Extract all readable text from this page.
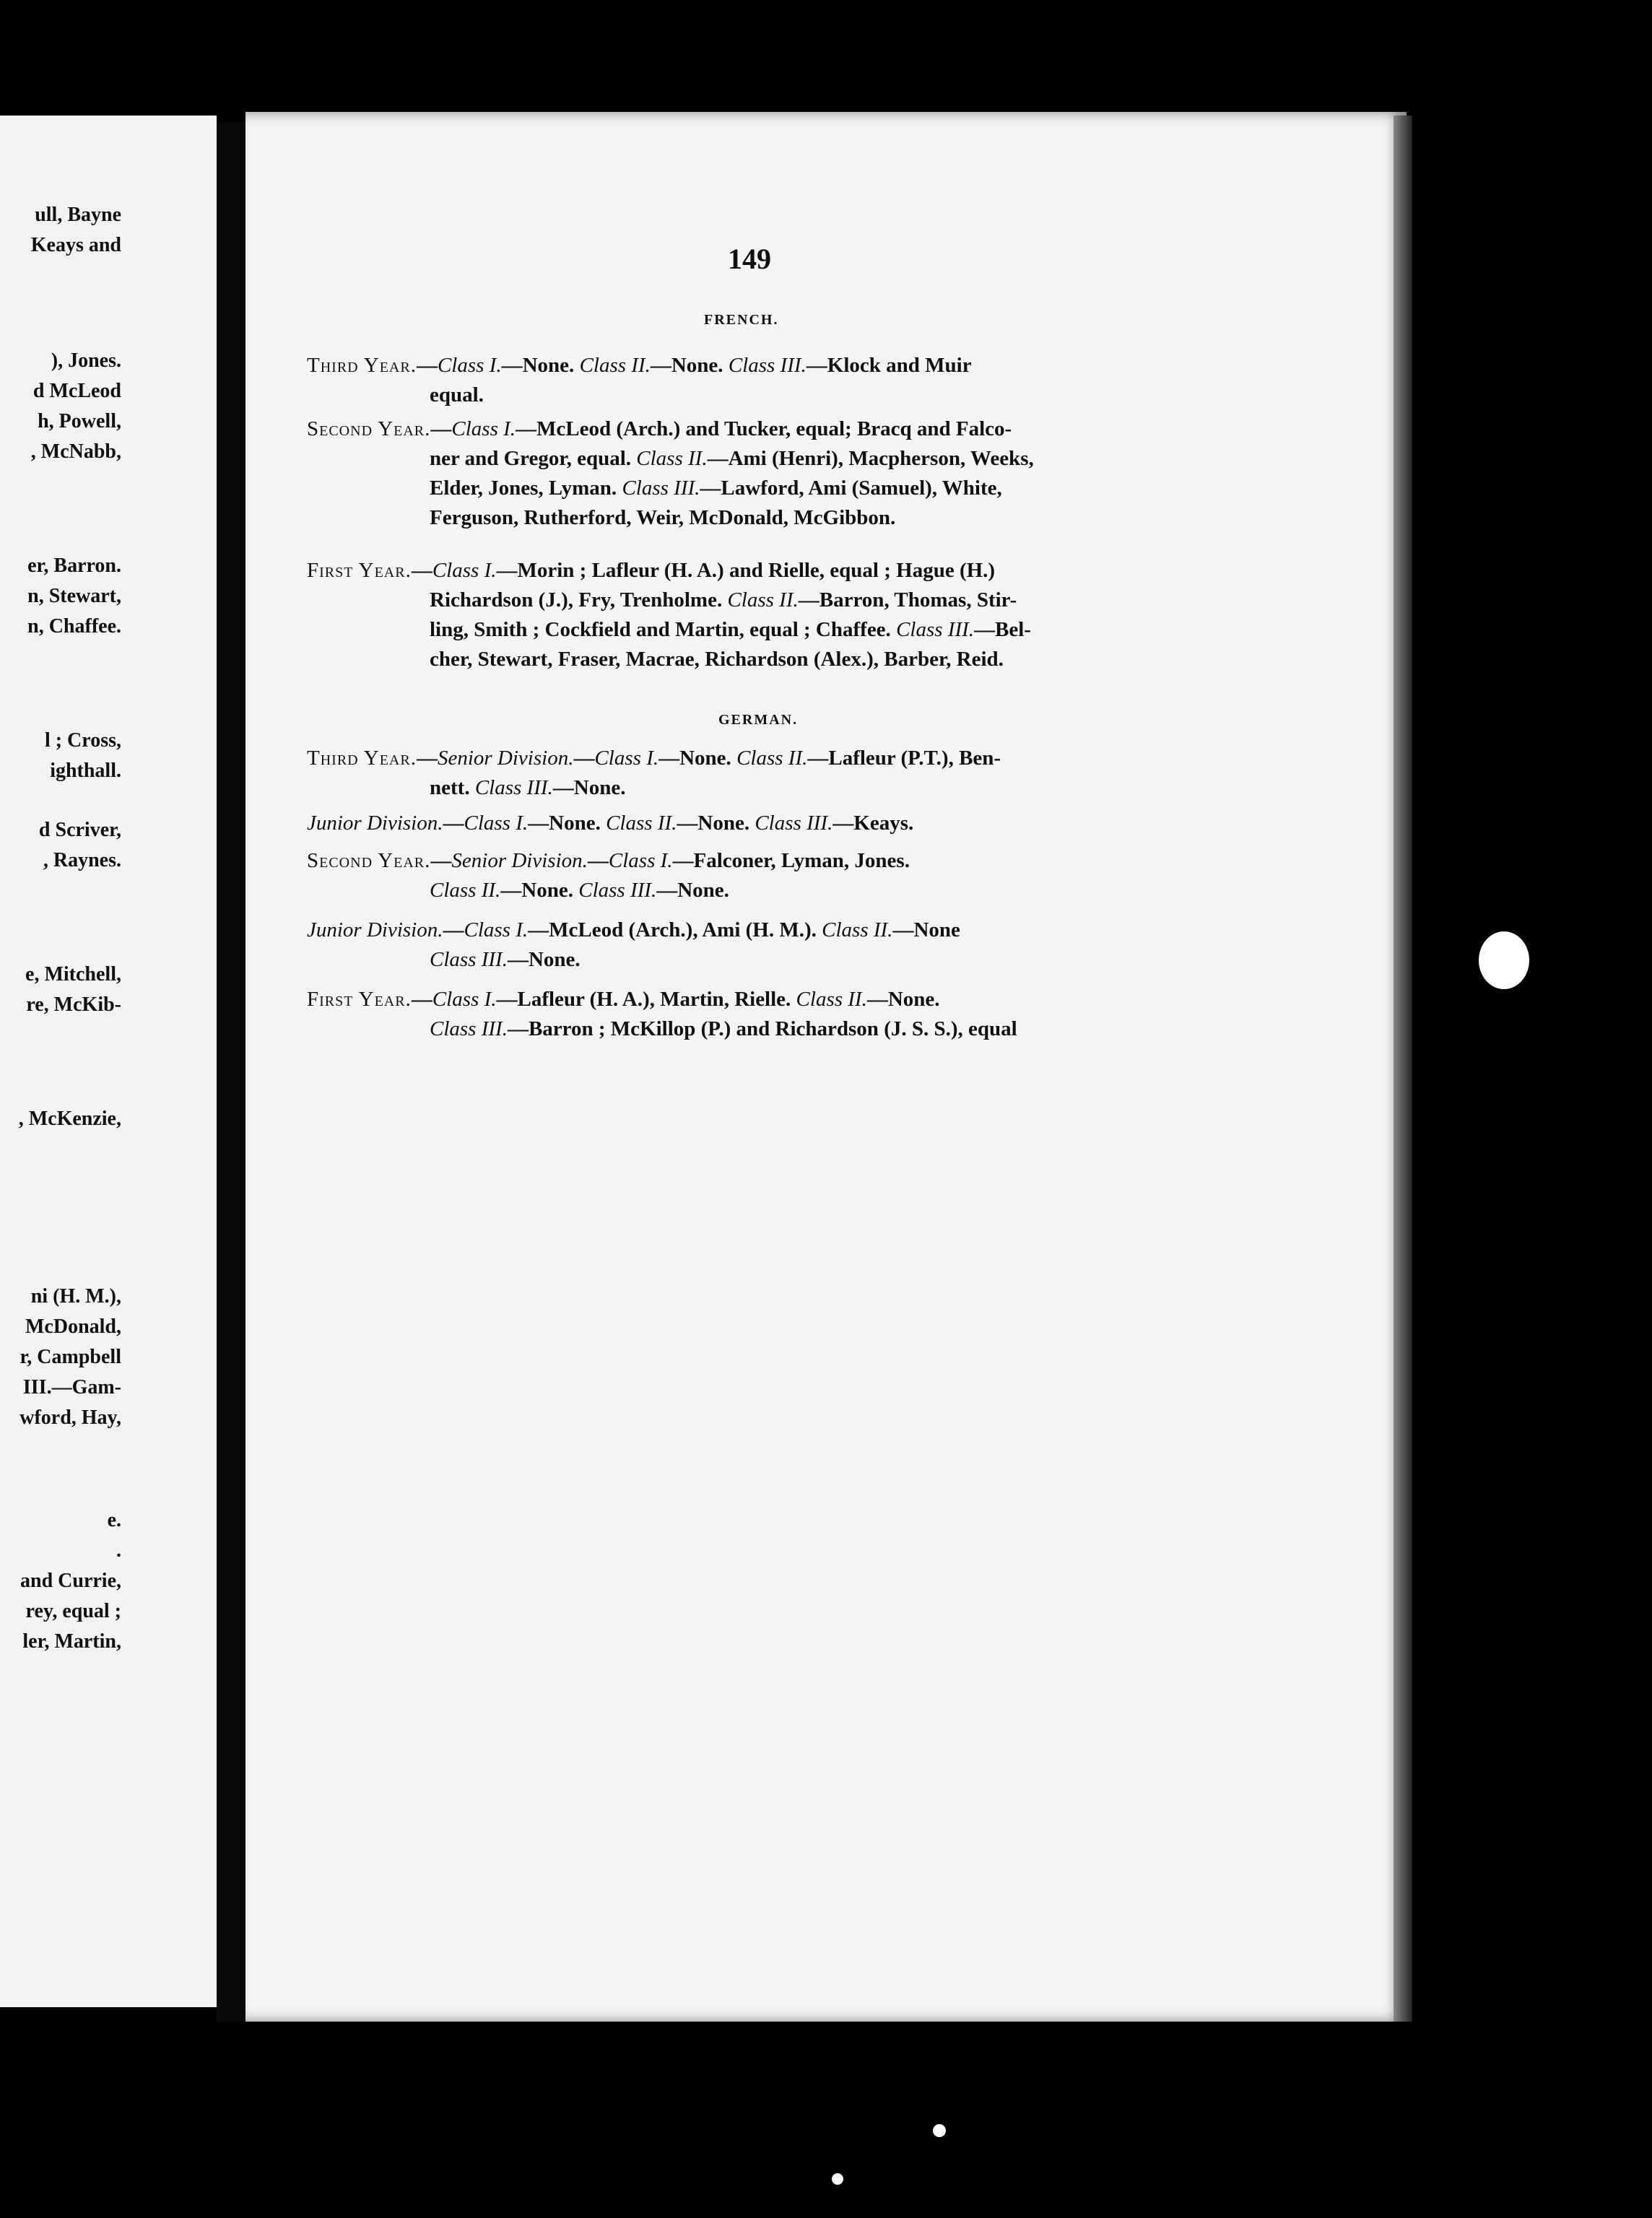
ull, Bayne
Keays and
), Jones.
d McLeod
h, Powell,
, McNabb,
er, Barron.
n, Stewart,
n, Chaffee.
l ; Cross,
ighthall.
d Scriver,
, Raynes.
e, Mitchell,
re, McKib-
, McKenzie,
ni (H. M.),
McDonald,
r, Campbell
III.—Gam-
wford, Hay,
e.
.
and Currie,
rey, equal ;
ler, Martin,
149
FRENCH.
Third Year.—Class I.—None. Class II.—None. Class III.—Klock and Muir
equal.
Second Year.—Class I.—McLeod (Arch.) and Tucker, equal; Bracq and Falco-
ner and Gregor, equal. Class II.—Ami (Henri), Macpherson, Weeks,
Elder, Jones, Lyman. Class III.—Lawford, Ami (Samuel), White,
Ferguson, Rutherford, Weir, McDonald, McGibbon.
First Year.—Class I.—Morin ; Lafleur (H. A.) and Rielle, equal ; Hague (H.)
Richardson (J.), Fry, Trenholme. Class II.—Barron, Thomas, Stir-
ling, Smith ; Cockfield and Martin, equal ; Chaffee. Class III.—Bel-
cher, Stewart, Fraser, Macrae, Richardson (Alex.), Barber, Reid.
GERMAN.
Third Year.—Senior Division.—Class I.—None. Class II.—Lafleur (P.T.), Ben-
nett. Class III.—None.
Junior Division.—Class I.—None. Class II.—None. Class III.—Keays.
Second Year.—Senior Division.—Class I.—Falconer, Lyman, Jones.
Class II.—None. Class III.—None.
Junior Division.—Class I.—McLeod (Arch.), Ami (H. M.). Class II.—None
Class III.—None.
First Year.—Class I.—Lafleur (H. A.), Martin, Rielle. Class II.—None.
Class III.—Barron ; McKillop (P.) and Richardson (J. S. S.), equal
